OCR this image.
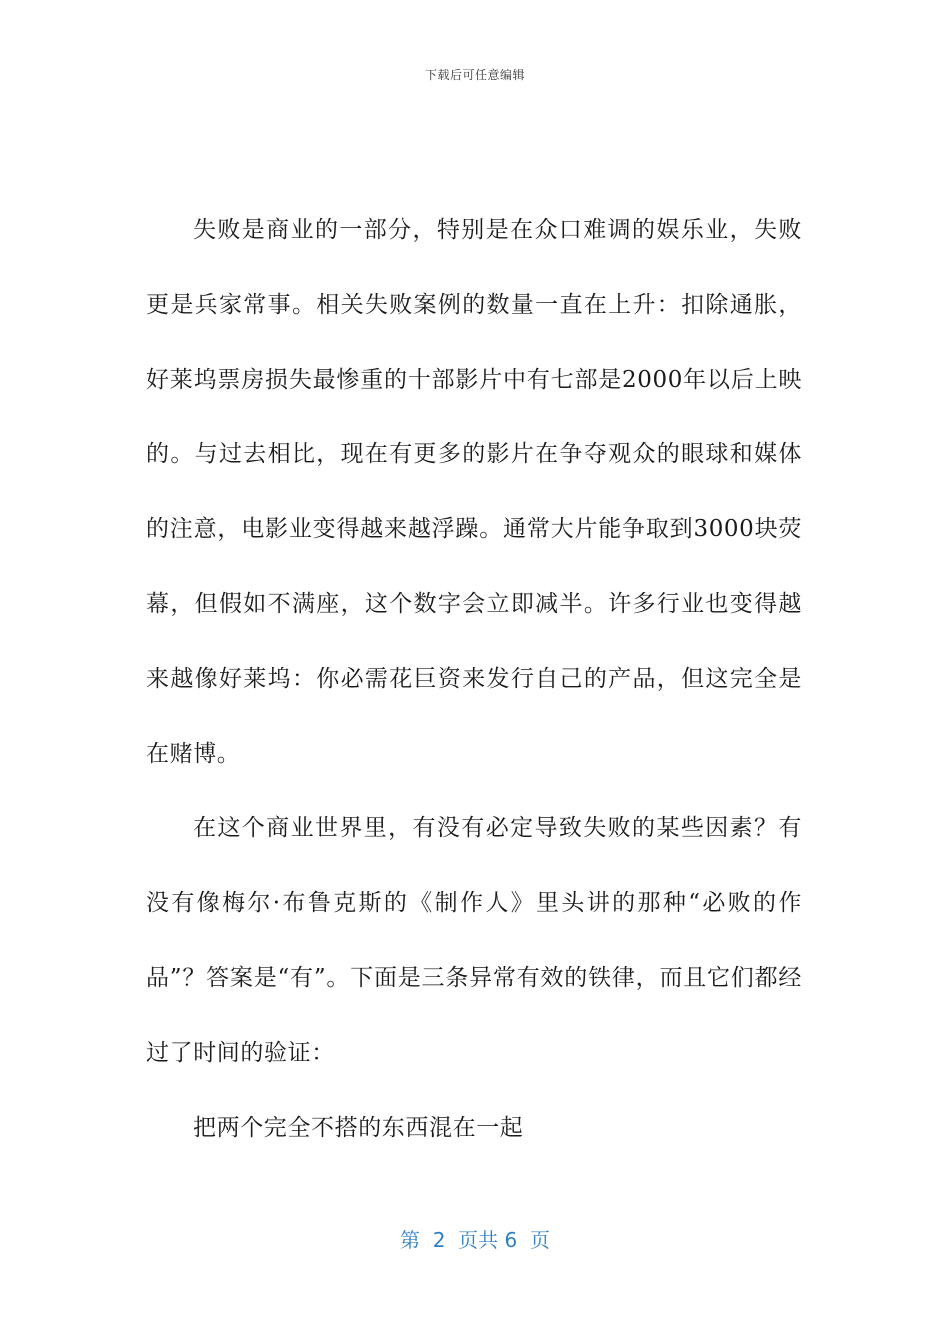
下载后可任意编辑

失败是商业的一部分，特别是在众口难调的娱乐业，失败更是兵家常事。相关失败案例的数量一直在上升：扣除通胀，好莱坞票房损失最惨重的十部影片中有七部是2000年以后上映的。与过去相比，现在有更多的影片在争夺观众的眼球和媒体的注意，电影业变得越来越浮躁。通常大片能争取到3000块荧幕，但假如不满座，这个数字会立即减半。许多行业也变得越来越像好莱坞：你必需花巨资来发行自己的产品，但这完全是在赌博。

在这个商业世界里，有没有必定导致失败的某些因素？有没有像梅尔·布鲁克斯的《制作人》里头讲的那种“必败的作品”？答案是“有”。下面是三条异常有效的铁律，而且它们都经过了时间的验证：

把两个完全不搭的东西混在一起

第  2  页共 6  页
